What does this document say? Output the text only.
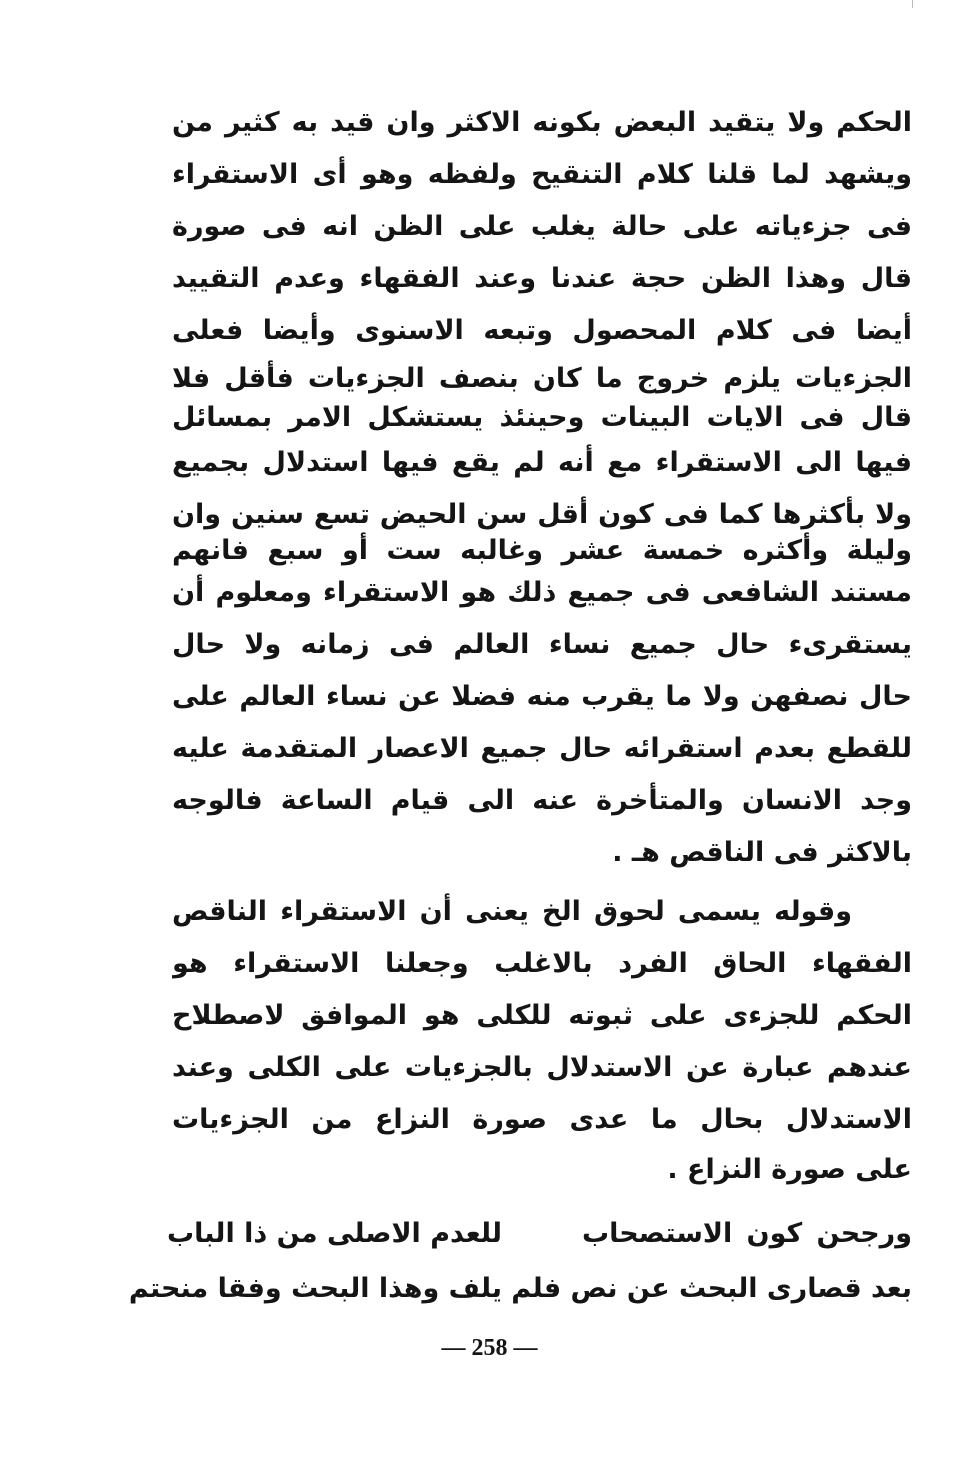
الحكم ولا يتقيد البعض بكونه الاكثر وان قيد به كثير من
ويشهد لما قلنا كلام التنقيح ولفظه وهو أى الاستقراء
فى جزءياته على حالة يغلب على الظن انه فى صورة
قال وهذا الظن حجة عندنا وعند الفقهاء وعدم التقييد
أيضا فى كلام المحصول وتبعه الاسنوى وأيضا فعلى
الجزءيات يلزم خروج ما كان بنصف الجزءيات فأقل فلا
قال فى الايات البينات وحينئذ يستشكل الامر بمسائل
فيها الى الاستقراء مع أنه لم يقع فيها استدلال بجميع
ولا بأكثرها كما فى كون أقل سن الحيض تسع سنين وان
وليلة وأكثره خمسة عشر وغالبه ست أو سبع فانهم
مستند الشافعى فى جميع ذلك هو الاستقراء ومعلوم أن
يستقرىء حال جميع نساء العالم فى زمانه ولا حال
حال نصفهن ولا ما يقرب منه فضلا عن نساء العالم على
للقطع بعدم استقرائه حال جميع الاعصار المتقدمة عليه
وجد الانسان والمتأخرة عنه الى قيام الساعة فالوجه
بالاكثر فى الناقص هـ .
وقوله يسمى لحوق الخ يعنى أن الاستقراء الناقص
الفقهاء الحاق الفرد بالاغلب وجعلنا الاستقراء هو
الحكم للجزءى على ثبوته للكلى هو الموافق لاصطلاح
عندهم عبارة عن الاستدلال بالجزءيات على الكلى وعند
الاستدلال بحال ما عدى صورة النزاع من الجزءيات
على صورة النزاع .
ورجحن كون الاستصحاب
للعدم الاصلى من ذا الباب
بعد قصارى البحث عن نص فلم
يلف وهذا البحث وفقا منحتم
— 258 —
